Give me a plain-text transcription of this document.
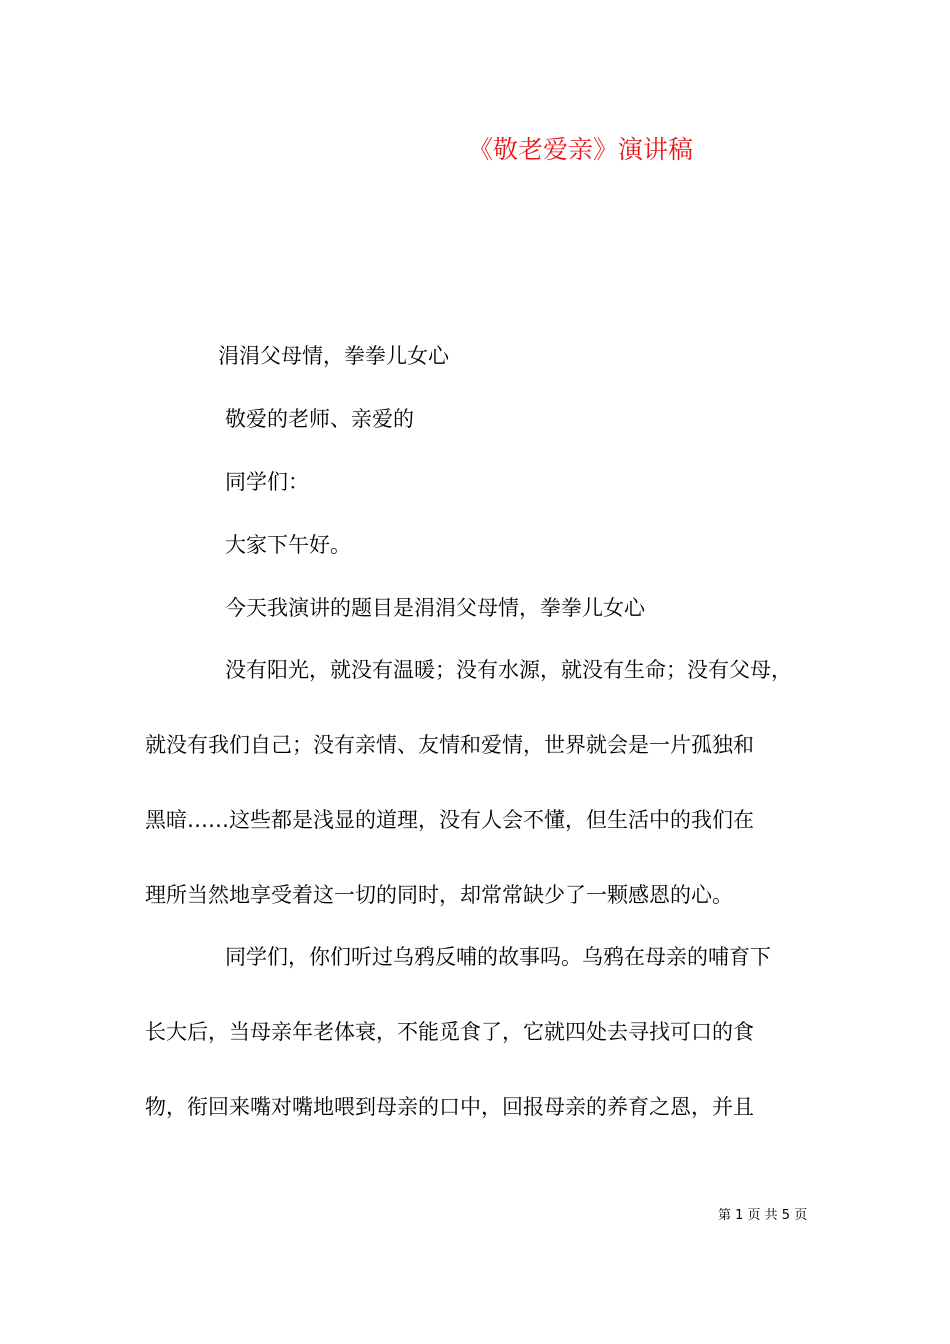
《敬老爱亲》演讲稿
涓涓父母情，拳拳儿女心
敬爱的老师、亲爱的
同学们：
大家下午好。
今天我演讲的题目是涓涓父母情，拳拳儿女心
没有阳光，就没有温暖；没有水源，就没有生命；没有父母，
就没有我们自己；没有亲情、友情和爱情，世界就会是一片孤独和
黑暗……这些都是浅显的道理，没有人会不懂，但生活中的我们在
理所当然地享受着这一切的同时，却常常缺少了一颗感恩的心。
同学们，你们听过乌鸦反哺的故事吗。乌鸦在母亲的哺育下
长大后，当母亲年老体衰，不能觅食了，它就四处去寻找可口的食
物，衔回来嘴对嘴地喂到母亲的口中，回报母亲的养育之恩，并且
第 1 页 共 5 页
